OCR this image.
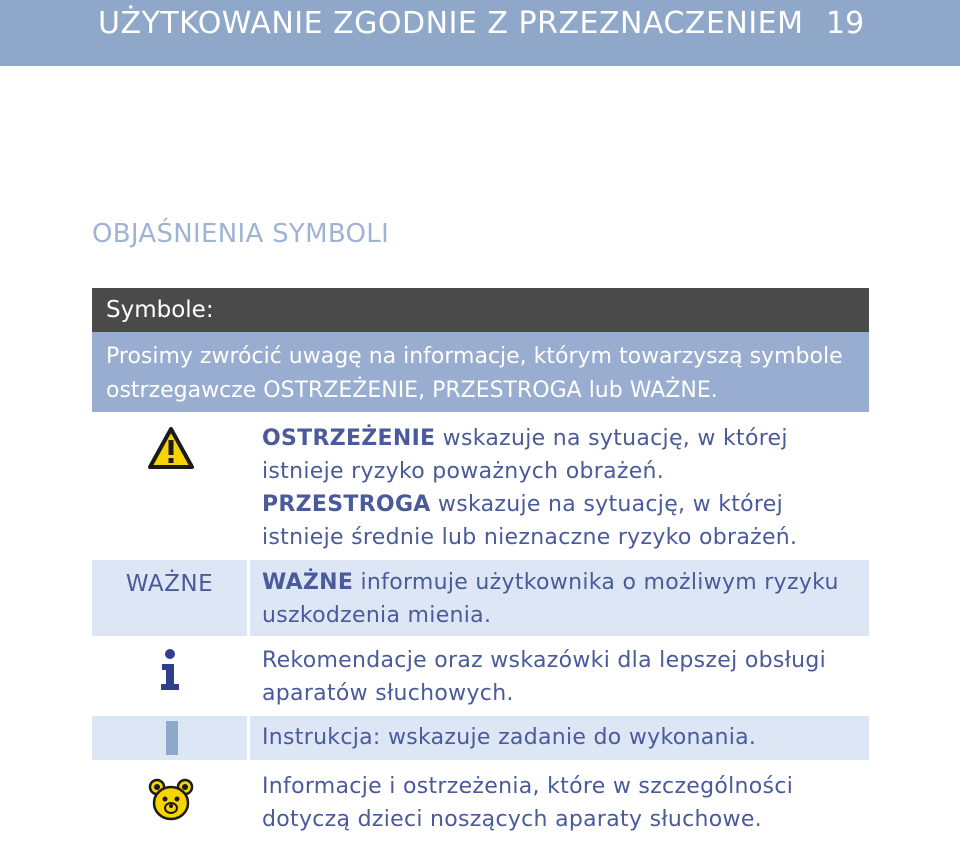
UŻYTKOWANIE ZGODNIE Z PRZEZNACZENIEM 19
OBJAŚNIENIA SYMBOLI
Symbole:
Prosimy zwrócić uwagę na informacje, którym towarzyszą symbole ostrzegawcze OSTRZEŻENIE, PRZESTROGA lub WAŻNE.
OSTRZEŻENIE wskazuje na sytuację, w której istnieje ryzyko poważnych obrażeń.
PRZESTROGA wskazuje na sytuację, w której istnieje średnie lub nieznaczne ryzyko obrażeń.
WAŻNE	WAŻNE informuje użytkownika o możliwym ryzyku uszkodzenia mienia.
Rekomendacje oraz wskazówki dla lepszej obsługi aparatów słuchowych.
Instrukcja: wskazuje zadanie do wykonania.
Informacje i ostrzeżenia, które w szczególności dotyczą dzieci noszących aparaty słuchowe.
